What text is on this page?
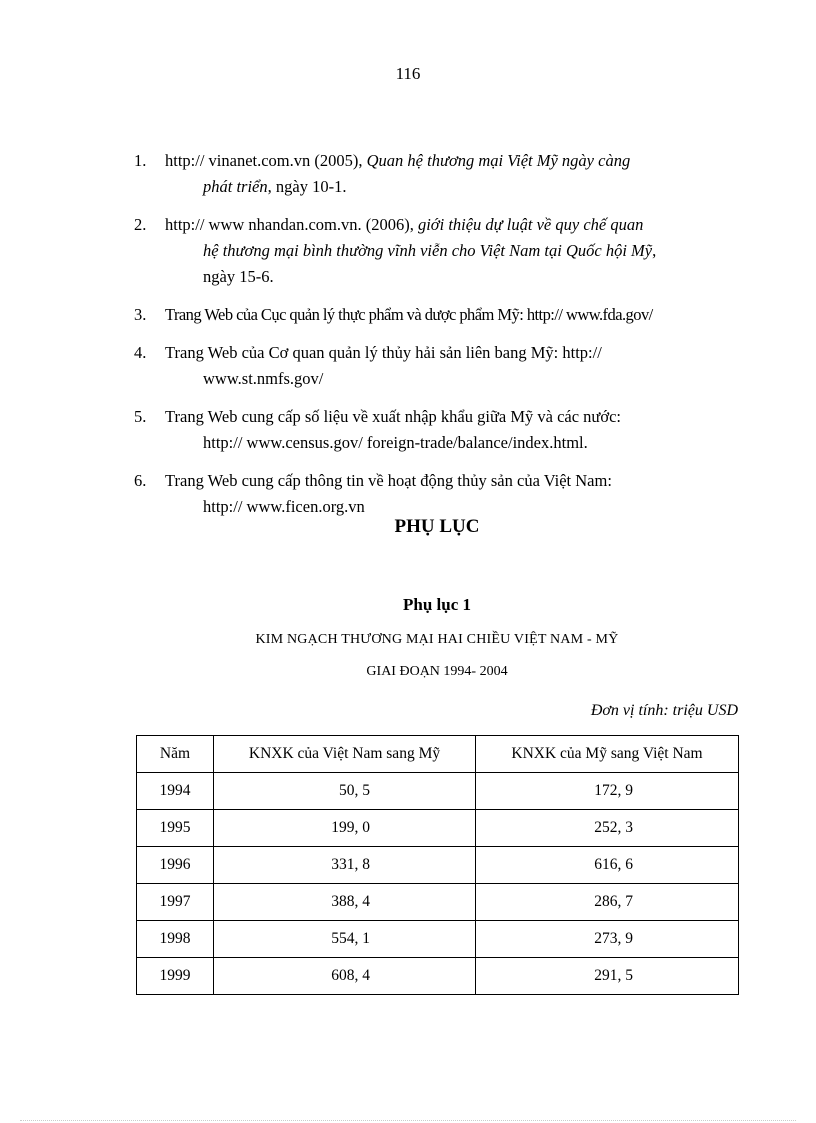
116
1. http:// vinanet.com.vn (2005), Quan hệ thương mại Việt Mỹ ngày càng
phát triển, ngày 10-1.
2. http:// www nhandan.com.vn. (2006), giới thiệu dự luật về quy chế quan
hệ thương mại bình thường vĩnh viễn cho Việt Nam tại Quốc hội Mỹ,
ngày 15-6.
3. Trang Web của Cục quản lý thực phẩm và dược phẩm Mỹ: http:// www.fda.gov/
4. Trang Web của Cơ quan quản lý thủy hải sản liên bang Mỹ: http://
www.st.nmfs.gov/
5. Trang Web cung cấp số liệu về xuất nhập khẩu giữa Mỹ và các nước:
http:// www.census.gov/ foreign-trade/balance/index.html.
6. Trang Web cung cấp thông tin về hoạt động thủy sản của Việt Nam:
http:// www.ficen.org.vn
PHỤ LỤC
Phụ lục 1
KIM NGẠCH THƯƠNG MẠI HAI CHIỀU VIỆT NAM - MỸ
GIAI ĐOẠN 1994- 2004
Đơn vị tính: triệu USD
Năm	KNXK của Việt Nam sang Mỹ	KNXK của Mỹ sang Việt Nam
1994	50, 5	172, 9
1995	199, 0	252, 3
1996	331, 8	616, 6
1997	388, 4	286, 7
1998	554, 1	273, 9
1999	608, 4	291, 5
